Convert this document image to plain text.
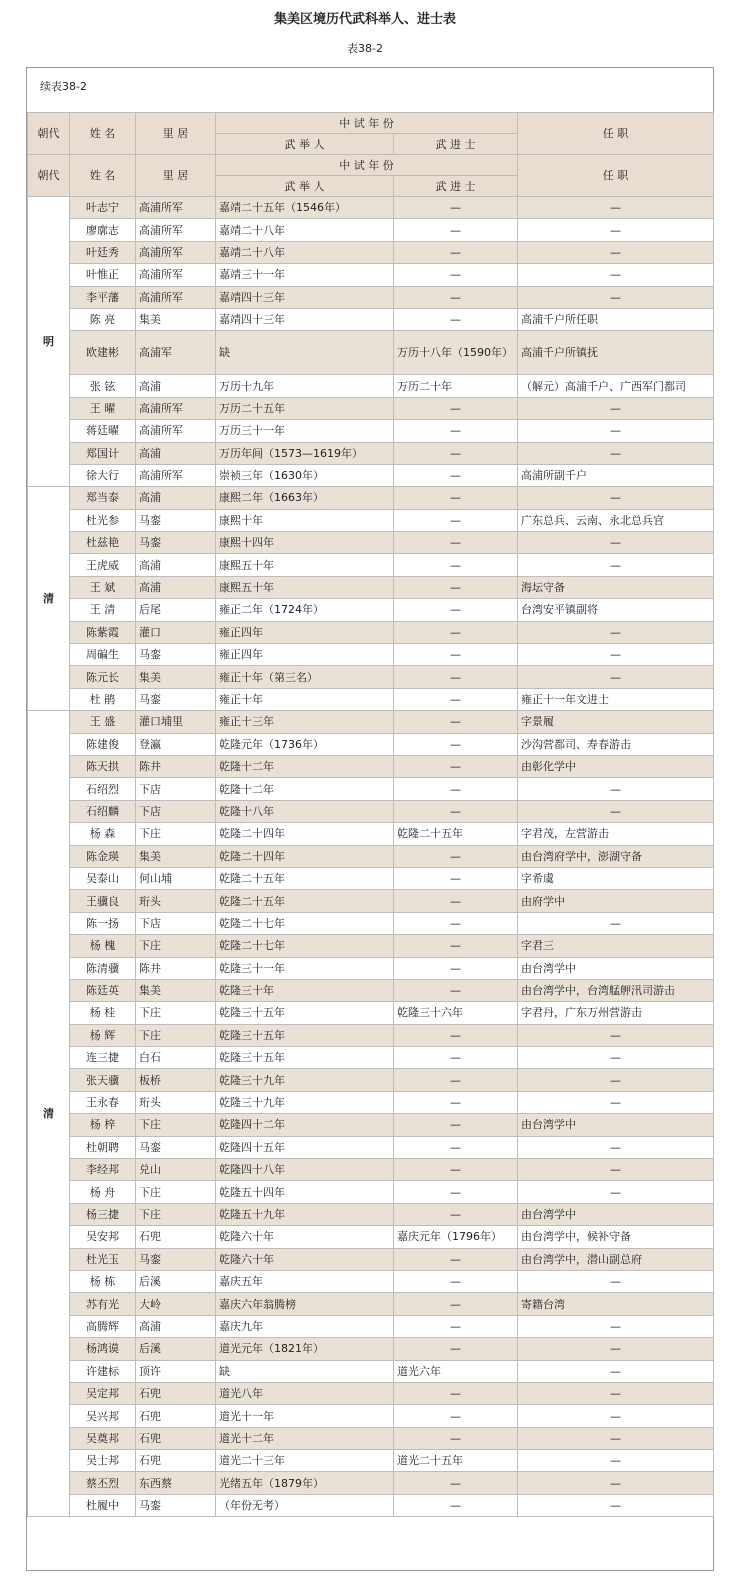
集美区境历代武科举人、进士表
表38-2
续表38-2
朝代	姓 名	里 居	中 试 年 份		任 职
			武 举 人	武 进 士	
朝代	姓 名	里 居	中 试 年 份		任 职
			武 举 人	武 进 士	
明	叶志宁	高浦所军	嘉靖二十五年（1546年）	—	—
	廖廓志	高浦所军	嘉靖二十八年	—	—
	叶廷秀	高浦所军	嘉靖二十八年	—	—
	叶惟正	高浦所军	嘉靖三十一年	—	—
	李平藩	高浦所军	嘉靖四十三年	—	—
	陈 亮	集美	嘉靖四十三年	—	高浦千户所任职
	欧建彬	高浦军	缺	万历十八年（1590年）	高浦千户所镇抚
	张 铉	高浦	万历十九年	万历二十年	（解元）高浦千户、广西军门都司
	王 曜	高浦所军	万历二十五年	—	—
	蒋廷曜	高浦所军	万历三十一年	—	—
	郑国计	高浦	万历年间（1573—1619年）	—	—
	徐大行	高浦所军	崇祯三年（1630年）	—	高浦所副千户
清	郑当泰	高浦	康熙二年（1663年）	—	—
	杜光参	马銮	康熙十年	—	广东总兵、云南、永北总兵官
	杜兹艳	马銮	康熙十四年	—	—
	王虎威	高浦	康熙五十年	—	—
	王 斌	高浦	康熙五十年	—	海坛守备
	王 清	后尾	雍正二年（1724年）	—	台湾安平镇副将
	陈紫霞	灌口	雍正四年	—	—
	周碥生	马銮	雍正四年	—	—
	陈元长	集美	雍正十年（第三名）	—	—
	杜 鹃	马銮	雍正十年	—	雍正十一年文进士
清	王 盛	灌口埔里	雍正十三年	—	字景履
	陈建俊	登瀛	乾隆元年（1736年）	—	沙沟营都司、寿春游击
	陈天拱	陈井	乾隆十二年	—	由彰化学中
	石绍烈	下店	乾隆十二年	—	—
	石绍麟	下店	乾隆十八年	—	—
	杨 森	下庄	乾隆二十四年	乾隆二十五年	字君茂，左营游击
	陈金瑛	集美	乾隆二十四年	—	由台湾府学中，澎湖守备
	吴泰山	何山埔	乾隆二十五年	—	字希虞
	王骥良	珩头	乾隆二十五年	—	由府学中
	陈一扬	下店	乾隆二十七年	—	—
	杨 槐	下庄	乾隆二十七年	—	字君三
	陈清骥	陈井	乾隆三十一年	—	由台湾学中
	陈廷英	集美	乾隆三十年	—	由台湾学中，台湾艋舺汛司游击
	杨 桂	下庄	乾隆三十五年	乾隆三十六年	字君丹，广东万州营游击
	杨 辉	下庄	乾隆三十五年	—	—
	连三捷	白石	乾隆三十五年	—	—
	张天骥	板桥	乾隆三十九年	—	—
	王永春	珩头	乾隆三十九年	—	—
	杨 梓	下庄	乾隆四十二年	—	由台湾学中
	杜朝聘	马銮	乾隆四十五年	—	—
	李经邦	兑山	乾隆四十八年	—	—
	杨 舟	下庄	乾隆五十四年	—	—
	杨三捷	下庄	乾隆五十九年	—	由台湾学中
	吴安邦	石兜	乾隆六十年	嘉庆元年（1796年）	由台湾学中，候补守备
	杜光玉	马銮	乾隆六十年	—	由台湾学中，潜山副总府
	杨 栋	后溪	嘉庆五年	—	—
	苏有光	大岭	嘉庆六年翁腾榜	—	寄籍台湾
	高腾辉	高浦	嘉庆九年	—	—
	杨鸿谟	后溪	道光元年（1821年）	—	—
	许建标	顶许	缺	道光六年	—
	吴定邦	石兜	道光八年	—	—
	吴兴邦	石兜	道光十一年	—	—
	吴奠邦	石兜	道光十二年	—	—
	吴士邦	石兜	道光二十三年	道光二十五年	—
	蔡丕烈	东西蔡	光绪五年（1879年）	—	—
	杜履中	马銮	（年份无考）	—	—
